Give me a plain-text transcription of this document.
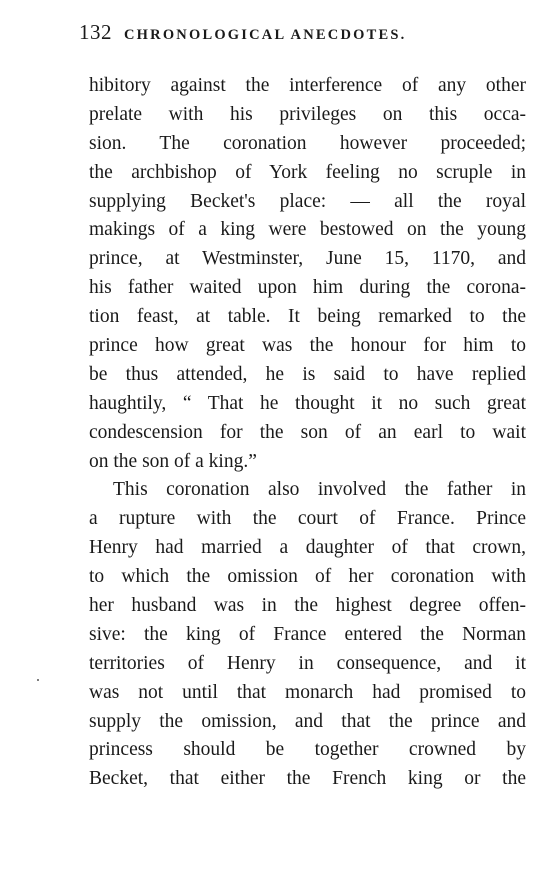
132 CHRONOLOGICAL ANECDOTES.
hibitory against the interference of any other
prelate with his privileges on this occa-
sion. The coronation however proceeded;
the archbishop of York feeling no scruple in
supplying Becket's place: — all the royal
makings of a king were bestowed on the young
prince, at Westminster, June 15, 1170, and
his father waited upon him during the corona-
tion feast, at table. It being remarked to the
prince how great was the honour for him to
be thus attended, he is said to have replied
haughtily, “ That he thought it no such great
condescension for the son of an earl to wait
on the son of a king.”
This coronation also involved the father in
a rupture with the court of France. Prince
Henry had married a daughter of that crown,
to which the omission of her coronation with
her husband was in the highest degree offen-
sive: the king of France entered the Norman
territories of Henry in consequence, and it
was not until that monarch had promised to
supply the omission, and that the prince and
princess should be together crowned by
Becket, that either the French king or the
